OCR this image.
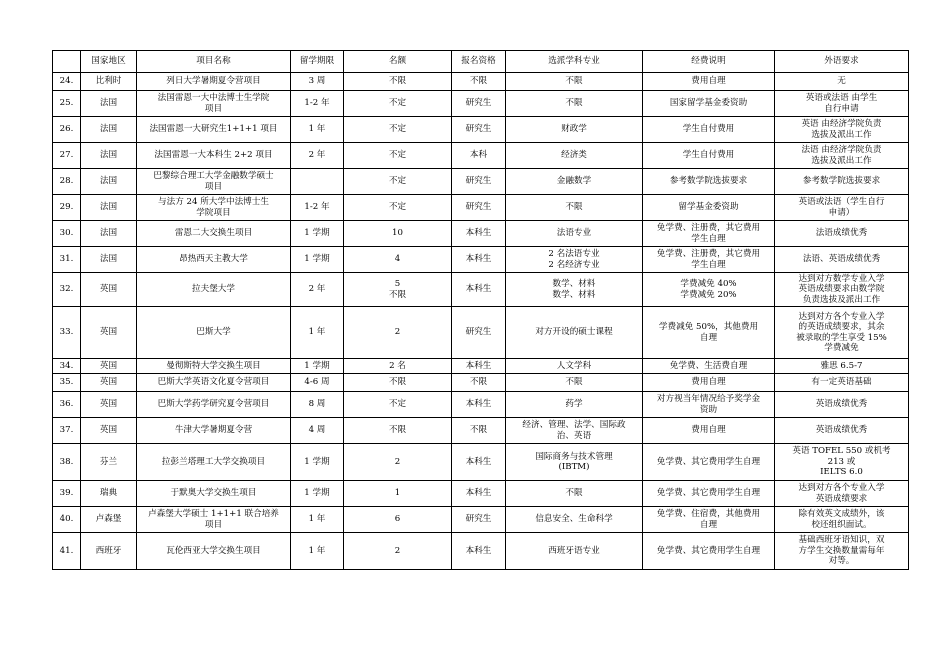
	国家地区	项目名称	留学期限	名额	报名资格	选派学科专业	经费说明	外语要求
24.	比利时	列日大学暑期夏令营项目	3 周	不限	不限	不限	费用自理	无
25.	法国	法国雷恩一大中法博士生学院
项目	1-2 年	不定	研究生	不限	国家留学基金委资助	英语或法语 由学生
自行申请
26.	法国	法国雷恩一大研究生1+1+1 项目	1 年	不定	研究生	财政学	学生自付费用	英语 由经济学院负责
选拔及派出工作
27.	法国	法国雷恩一大本科生 2+2 项目	2 年	不定	本科	经济类	学生自付费用	法语 由经济学院负责
选拔及派出工作
28.	法国	巴黎综合理工大学金融数学硕士
项目		不定	研究生	金融数学	参考数学院选拔要求	参考数学院选拔要求
29.	法国	与法方 24 所大学中法博士生
学院项目	1-2 年	不定	研究生	不限	留学基金委资助	英语或法语（学生自行
申请）
30.	法国	雷恩二大交换生项目	1 学期	10	本科生	法语专业	免学费、注册费，其它费用
学生自理	法语成绩优秀
31.	法国	昂热西天主教大学	1 学期	4	本科生	2 名法语专业
2 名经济专业	免学费、注册费，其它费用
学生自理	法语、英语成绩优秀
32.	英国	拉夫堡大学	2 年	5
不限	本科生	数学、材料
数学、材料	学费减免 40%
学费减免 20%	达到对方数学专业入学
英语成绩要求由数学院
负责选拔及派出工作
33.	英国	巴斯大学	1 年	2	研究生	对方开设的硕士课程	学费减免 50%，其他费用
自理	达到对方各个专业入学
的英语成绩要求，其余
被录取的学生享受 15%
学费减免
34.	英国	曼彻斯特大学交换生项目	1 学期	2 名	本科生	人文学科	免学费、生活费自理	雅思 6.5-7
35.	英国	巴斯大学英语文化夏令营项目	4-6 周	不限	不限	不限	费用自理	有一定英语基础
36.	英国	巴斯大学药学研究夏令营项目	8 周	不定	本科生	药学	对方视当年情况给予奖学金
资助	英语成绩优秀
37.	英国	牛津大学暑期夏令营	4 周	不限	不限	经济、管理、法学、国际政
治、英语	费用自理	英语成绩优秀
38.	芬兰	拉彭兰塔理工大学交换项目	1 学期	2	本科生	国际商务与技术管理
(IBTM)	免学费、其它费用学生自理	英语 TOFEL 550 或机考
213 或
IELTS 6.0
39.	瑞典	于默奥大学交换生项目	1 学期	1	本科生	不限	免学费、其它费用学生自理	达到对方各个专业入学
英语成绩要求
40.	卢森堡	卢森堡大学硕士 1+1+1 联合培养
项目	1 年	6	研究生	信息安全、生命科学	免学费、住宿费，其他费用
自理	除有效英文成绩外，该
校还组织面试。
41.	西班牙	瓦伦西亚大学交换生项目	1 年	2	本科生	西班牙语专业	免学费、其它费用学生自理	基础西班牙语知识，双
方学生交换数量需每年
对等。
